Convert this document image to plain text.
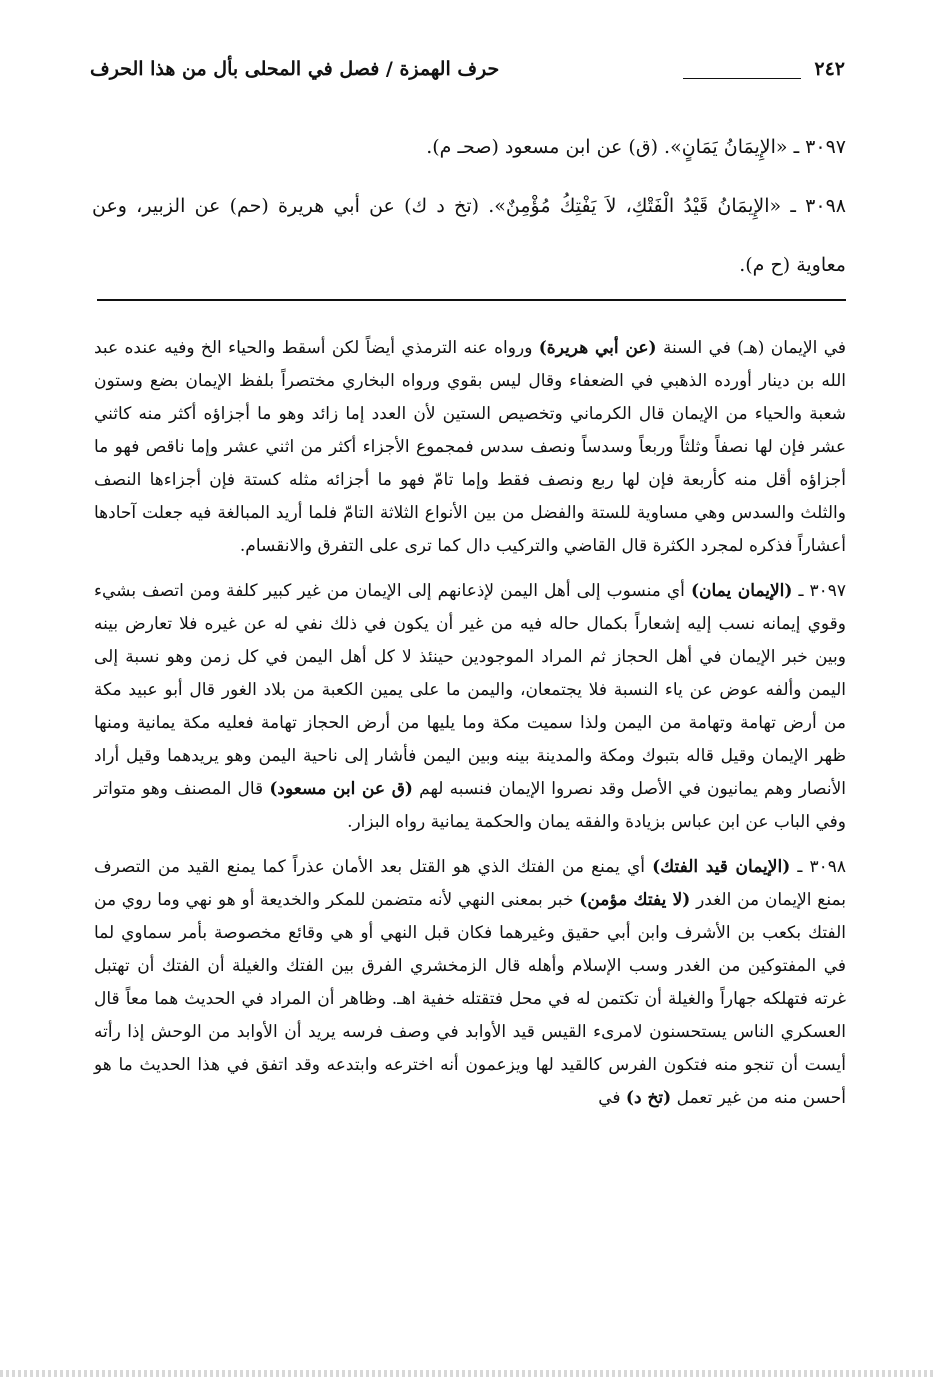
٢٤٢
حرف الهمزة / فصل في المحلى بأل من هذا الحرف

٣٠٩٧ ـ «الإِيمَانُ يَمَانٍ». (ق) عن ابن مسعود (صحـ م).

٣٠٩٨ ـ «الإِيمَانُ قَيْدُ الْفَتْكِ، لاَ يَفْتِكُ مُؤْمِنٌ». (تخ د ك) عن أبي هريرة (حم) عن الزبير، وعن معاوية (ح م).

في الإيمان (هـ) في السنة (عن أبي هريرة) ورواه عنه الترمذي أيضاً لكن أسقط والحياء الخ وفيه عنده عبد الله بن دينار أورده الذهبي في الضعفاء وقال ليس بقوي ورواه البخاري مختصراً بلفظ الإيمان بضع وستون شعبة والحياء من الإيمان قال الكرماني وتخصيص الستين لأن العدد إما زائد وهو ما أجزاؤه أكثر منه كاثني عشر فإن لها نصفاً وثلثاً وربعاً وسدساً ونصف سدس فمجموع الأجزاء أكثر من اثني عشر وإما ناقص فهو ما أجزاؤه أقل منه كأربعة فإن لها ربع ونصف فقط وإما تامّ فهو ما أجزائه مثله كستة فإن أجزاءها النصف والثلث والسدس وهي مساوية للستة والفضل من بين الأنواع الثلاثة التامّ فلما أريد المبالغة فيه جعلت آحادها أعشاراً فذكره لمجرد الكثرة قال القاضي والتركيب دال كما ترى على التفرق والانقسام.

٣٠٩٧ ـ (الإيمان يمان) أي منسوب إلى أهل اليمن لإذعانهم إلى الإيمان من غير كبير كلفة ومن اتصف بشيء وقوي إيمانه نسب إليه إشعاراً بكمال حاله فيه من غير أن يكون في ذلك نفي له عن غيره فلا تعارض بينه وبين خبر الإيمان في أهل الحجاز ثم المراد الموجودين حينئذ لا كل أهل اليمن في كل زمن وهو نسبة إلى اليمن وألفه عوض عن ياء النسبة فلا يجتمعان، واليمن ما على يمين الكعبة من بلاد الغور قال أبو عبيد مكة من أرض تهامة وتهامة من اليمن ولذا سميت مكة وما يليها من أرض الحجاز تهامة فعليه مكة يمانية ومنها ظهر الإيمان وقيل قاله بتبوك ومكة والمدينة بينه وبين اليمن فأشار إلى ناحية اليمن وهو يريدهما وقيل أراد الأنصار وهم يمانيون في الأصل وقد نصروا الإيمان فنسبه لهم (ق عن ابن مسعود) قال المصنف وهو متواتر وفي الباب عن ابن عباس بزيادة والفقه يمان والحكمة يمانية رواه البزار.

٣٠٩٨ ـ (الإيمان قيد الفتك) أي يمنع من الفتك الذي هو القتل بعد الأمان عذراً كما يمنع القيد من التصرف بمنع الإيمان من الغدر (لا يفتك مؤمن) خبر بمعنى النهي لأنه متضمن للمكر والخديعة أو هو نهي وما روي من الفتك بكعب بن الأشرف وابن أبي حقيق وغيرهما فكان قبل النهي أو هي وقائع مخصوصة بأمر سماوي لما في المفتوكين من الغدر وسب الإسلام وأهله قال الزمخشري الفرق بين الفتك والغيلة أن الفتك أن تهتبل غرته فتهلكه جهاراً والغيلة أن تكتمن له في محل فتقتله خفية اهـ. وظاهر أن المراد في الحديث هما معاً قال العسكري الناس يستحسنون لامرىء القيس قيد الأوابد في وصف فرسه يريد أن الأوابد من الوحش إذا رأته أيست أن تنجو منه فتكون الفرس كالقيد لها ويزعمون أنه اخترعه وابتدعه وقد اتفق في هذا الحديث ما هو أحسن منه من غير تعمل (تخ د) في
